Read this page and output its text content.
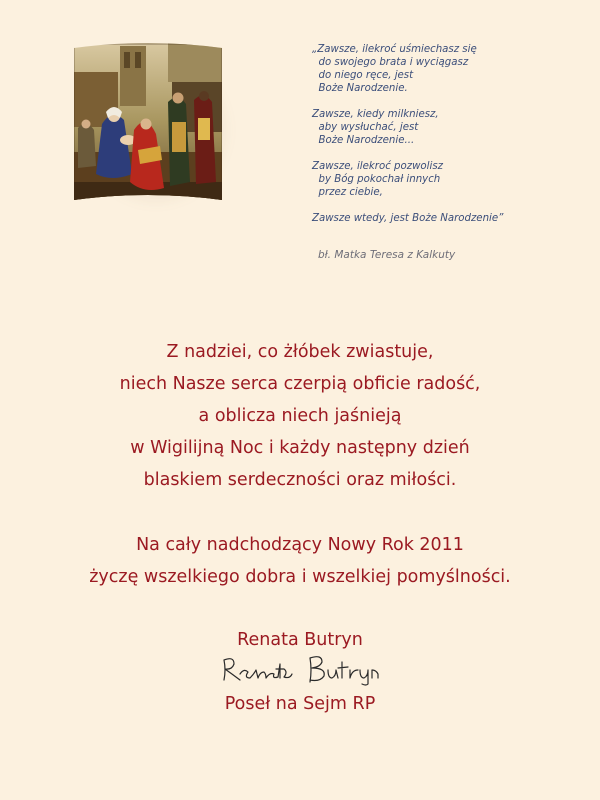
„Zawsze, ilekroć uśmiechasz się
do swojego brata i wyciągasz
do niego ręce, jest
Boże Narodzenie.
Zawsze, kiedy milkniesz,
aby wysłuchać, jest
Boże Narodzenie...
Zawsze, ilekroć pozwolisz
by Bóg pokochał innych
przez ciebie,
Zawsze wtedy, jest Boże Narodzenie”
bł. Matka Teresa z Kalkuty
Z nadziei, co żłóbek zwiastuje,
niech Nasze serca czerpią obficie radość,
a oblicza niech jaśnieją
w Wigilijną Noc i każdy następny dzień
blaskiem serdeczności oraz miłości.
Na cały nadchodzący Nowy Rok 2011
życzę wszelkiego dobra i wszelkiej pomyślności.
Renata Butryn
Poseł na Sejm RP
